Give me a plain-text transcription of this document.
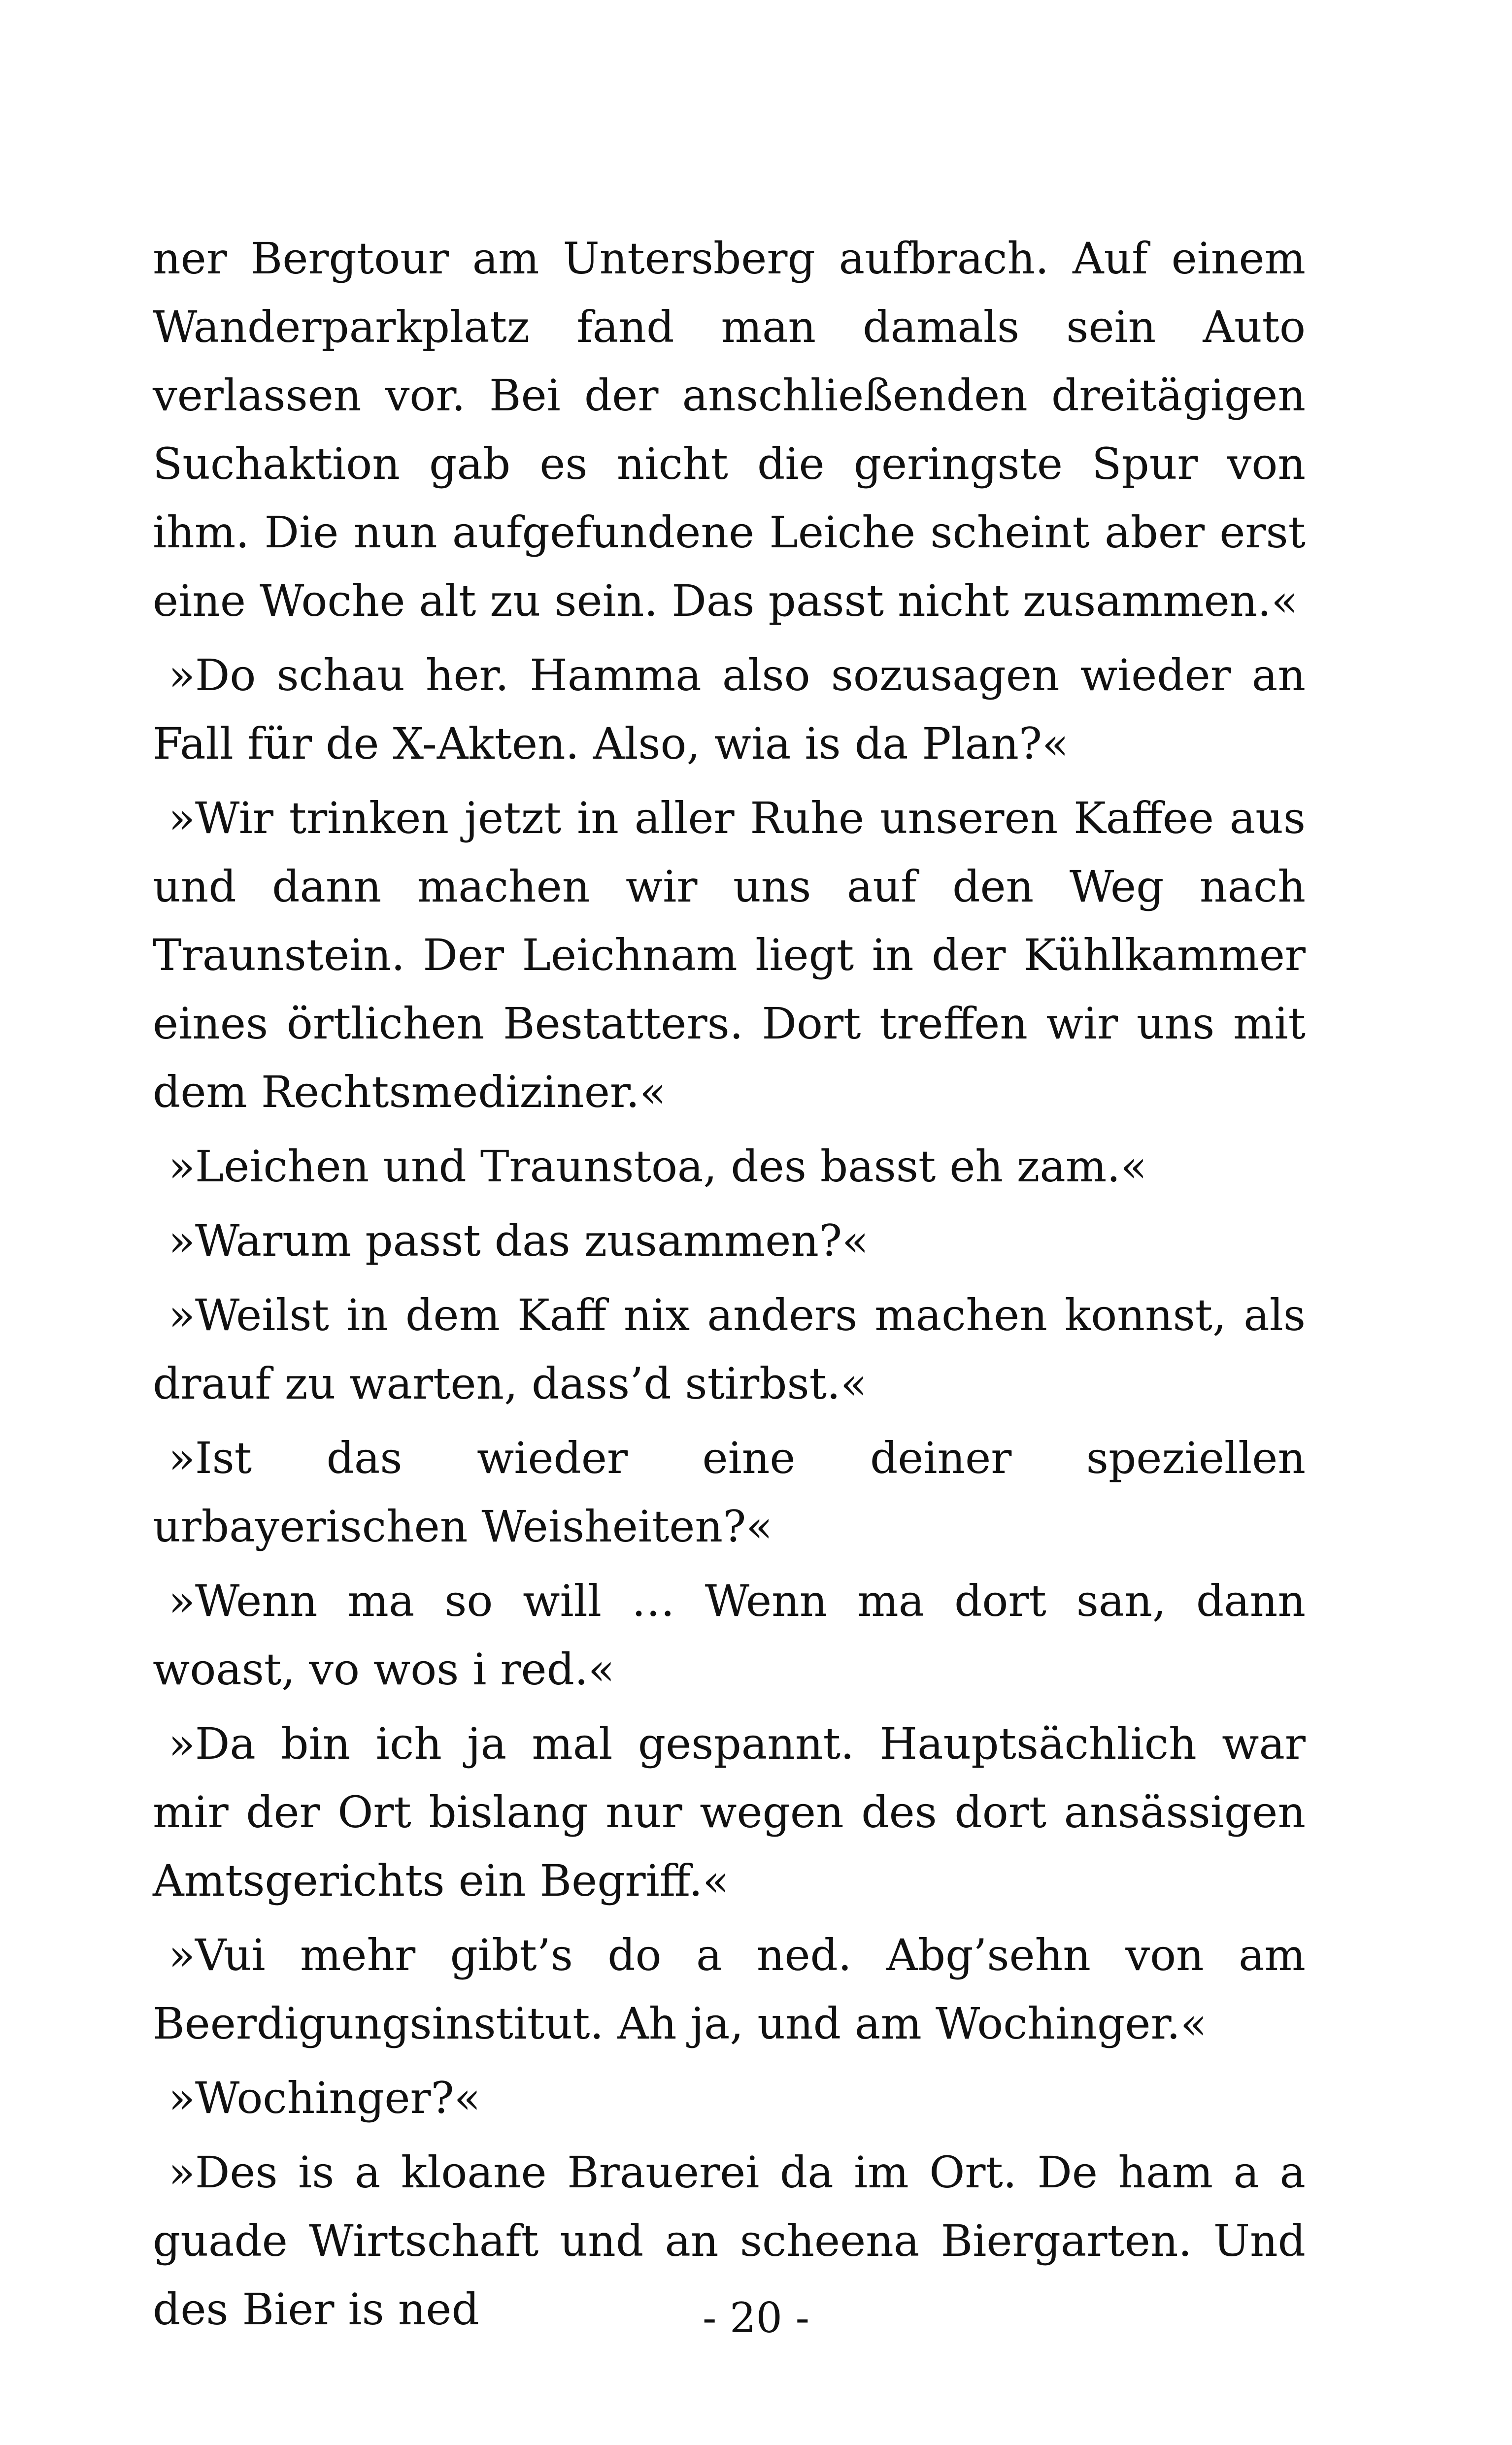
ner Bergtour am Untersberg aufbrach. Auf einem Wanderparkplatz fand man damals sein Auto verlassen vor. Bei der anschließenden dreitägigen Suchaktion gab es nicht die geringste Spur von ihm. Die nun aufgefundene Leiche scheint aber erst eine Woche alt zu sein. Das passt nicht zusammen.«

»Do schau her. Hamma also sozusagen wieder an Fall für de X-Akten. Also, wia is da Plan?«

»Wir trinken jetzt in aller Ruhe unseren Kaffee aus und dann machen wir uns auf den Weg nach Traunstein. Der Leichnam liegt in der Kühlkammer eines örtlichen Bestatters. Dort treffen wir uns mit dem Rechtsmediziner.«

»Leichen und Traunstoa, des basst eh zam.«

»Warum passt das zusammen?«

»Weilst in dem Kaff nix anders machen konnst, als drauf zu warten, dass’d stirbst.«

»Ist das wieder eine deiner speziellen urbayerischen Weisheiten?«

»Wenn ma so will … Wenn ma dort san, dann woast, vo wos i red.«

»Da bin ich ja mal gespannt. Hauptsächlich war mir der Ort bislang nur wegen des dort ansässigen Amtsgerichts ein Begriff.«

»Vui mehr gibt’s do a ned. Abg’sehn von am Beerdigungsinstitut. Ah ja, und am Wochinger.«

»Wochinger?«

»Des is a kloane Brauerei da im Ort. De ham a a guade Wirtschaft und an scheena Biergarten. Und des Bier is ned	- 20 -
